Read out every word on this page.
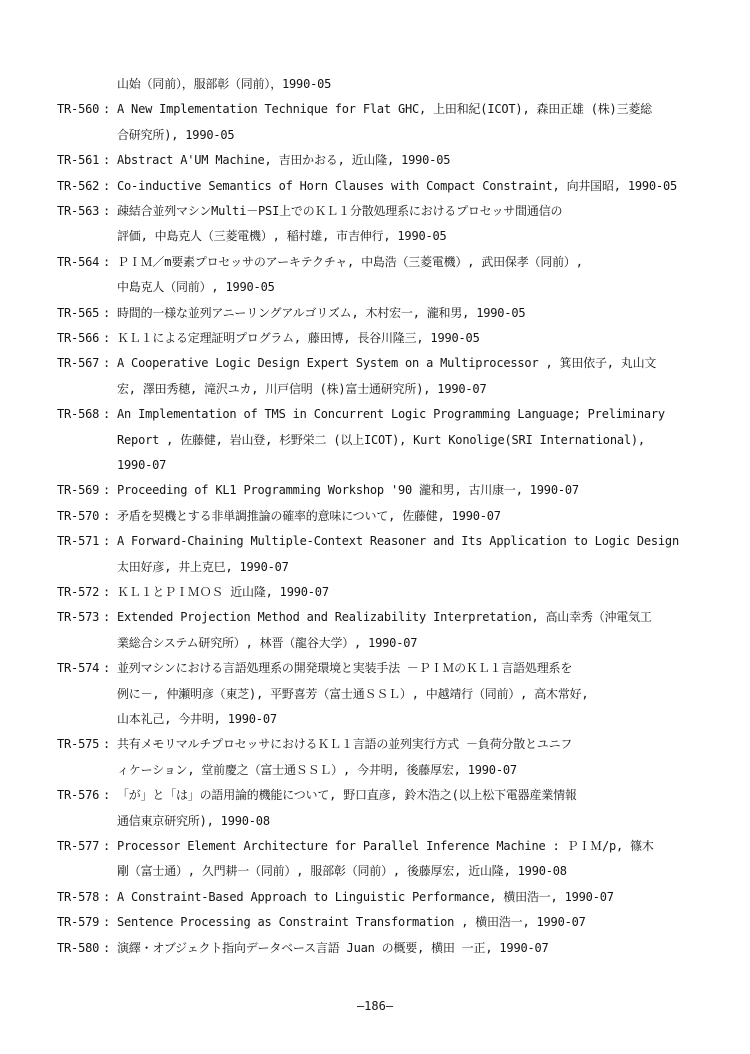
山始（同前），服部彰（同前），1990-05
TR-560 : A New Implementation Technique for Flat GHC, 上田和紀(ICOT), 森田正雄 (株)三菱総
合研究所), 1990-05
TR-561 : Abstract A'UM Machine, 吉田かおる, 近山隆, 1990-05
TR-562 : Co-inductive Semantics of Horn Clauses with Compact Constraint, 向井国昭, 1990-05
TR-563 : 疎結合並列マシンMulti－PSI上でのＫＬ１分散処理系におけるプロセッサ間通信の
評価, 中島克人（三菱電機）, 稲村雄, 市吉伸行, 1990-05
TR-564 : ＰＩＭ／m要素プロセッサのアーキテクチャ, 中島浩（三菱電機）, 武田保孝（同前）,
中島克人（同前）, 1990-05
TR-565 : 時間的一様な並列アニーリングアルゴリズム, 木村宏一, 瀧和男, 1990-05
TR-566 : ＫＬ１による定理証明プログラム, 藤田博, 長谷川隆三, 1990-05
TR-567 : A Cooperative Logic Design Expert System on a Multiprocessor , 箕田依子, 丸山文
宏, 澤田秀穂, 滝沢ユカ, 川戸信明 (株)富士通研究所), 1990-07
TR-568 : An Implementation of TMS in Concurrent Logic Programming Language; Preliminary
Report , 佐藤健, 岩山登, 杉野栄二 (以上ICOT), Kurt Konolige(SRI International),
1990-07
TR-569 : Proceeding of KL1 Programming Workshop '90 瀧和男, 古川康一, 1990-07
TR-570 : 矛盾を契機とする非単調推論の確率的意味について, 佐藤健, 1990-07
TR-571 : A Forward-Chaining Multiple-Context Reasoner and Its Application to Logic Design
太田好彦, 井上克巳, 1990-07
TR-572 : ＫＬ１とＰＩＭＯＳ 近山隆, 1990-07
TR-573 : Extended Projection Method and Realizability Interpretation, 高山幸秀（沖電気工
業総合システム研究所）, 林晋（龍谷大学）, 1990-07
TR-574 : 並列マシンにおける言語処理系の開発環境と実装手法 －ＰＩＭのＫＬ１言語処理系を
例に－, 仲瀬明彦（東芝), 平野喜芳（富士通ＳＳＬ）, 中越靖行（同前）, 高木常好,
山本礼己, 今井明, 1990-07
TR-575 : 共有メモリマルチプロセッサにおけるＫＬ１言語の並列実行方式 －負荷分散とユニフ
ィケーション, 堂前慶之（富士通ＳＳＬ）, 今井明, 後藤厚宏, 1990-07
TR-576 : 「が」と「は」の語用論的機能について, 野口直彦, 鈴木浩之(以上松下電器産業情報
通信東京研究所), 1990-08
TR-577 : Processor Element Architecture for Parallel Inference Machine : ＰＩＭ/p, 篠木
剛（富士通）, 久門耕一（同前）, 服部彰（同前）, 後藤厚宏, 近山隆, 1990-08
TR-578 : A Constraint-Based Approach to Linguistic Performance, 横田浩一, 1990-07
TR-579 : Sentence Processing as Constraint Transformation , 横田浩一, 1990-07
TR-580 : 演繹・オブジェクト指向データベース言語 Juan の概要, 横田 一正, 1990-07
—186—
